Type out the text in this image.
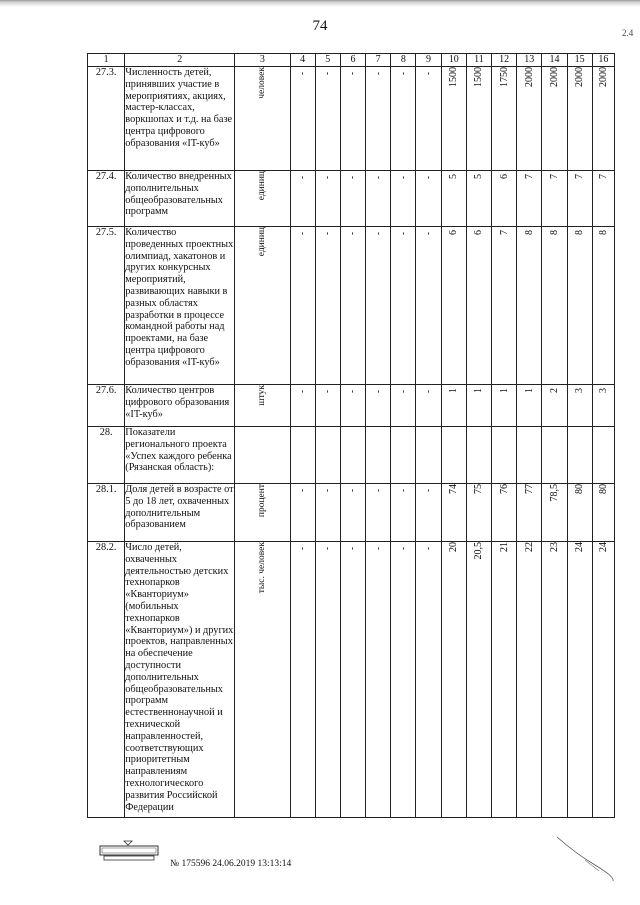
74	2.4
1	2	3	4	5	6	7	8	9	10	11	12	13	14	15	16
27.3.	Численность детей, принявших участие в мероприятиях, акциях, мастер-классах, воркшопах и т.д. на базе центра цифрового образования «IT-куб»	человек	-	-	-	-	-	-	1500	1500	1750	2000	2000	2000	2000
27.4.	Количество внедренных дополнительных общеобразовательных программ	единиц	-	-	-	-	-	-	5	5	6	7	7	7	7
27.5.	Количество проведенных проектных олимпиад, хакатонов и других конкурсных мероприятий, развивающих навыки в разных областях разработки в процессе командной работы над проектами, на базе центра цифрового образования «IT-куб»	единиц	-	-	-	-	-	-	6	6	7	8	8	8	8
27.6.	Количество центров цифрового образования «IT-куб»	штук	-	-	-	-	-	-	1	1	1	1	2	3	3
28.	Показатели регионального проекта «Успех каждого ребенка (Рязанская область):														
28.1.	Доля детей в возрасте от 5 до 18 лет, охваченных дополнительным образованием	процент	-	-	-	-	-	-	74	75	76	77	78,5	80	80
28.2.	Число детей, охваченных деятельностью детских технопарков «Кванториум» (мобильных технопарков «Кванториум») и других проектов, направленных на обеспечение доступности дополнительных общеобразовательных программ естественнонаучной и технической направленностей, соответствующих приоритетным направлениям технологического развития Российской Федерации	тыс. человек	-	-	-	-	-	-	20	20,5	21	22	23	24	24
№ 175596 24.06.2019 13:13:14
